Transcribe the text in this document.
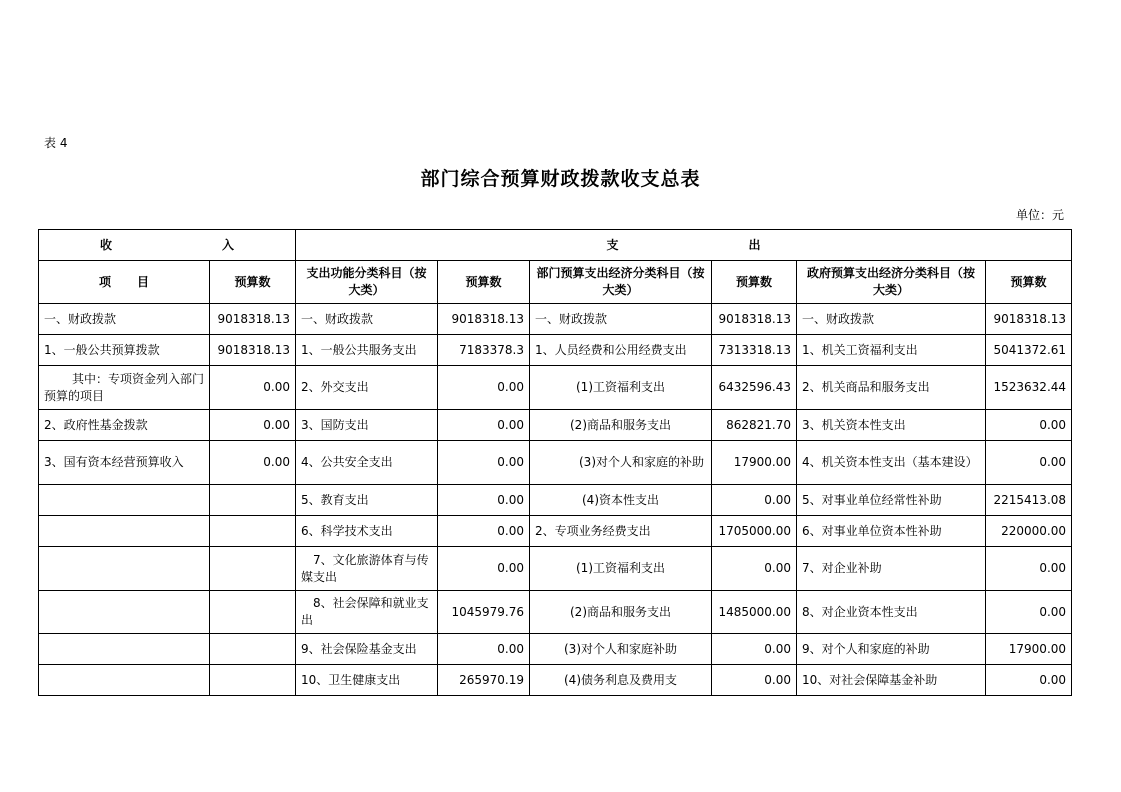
表 4
部门综合预算财政拨款收支总表
单位：元
收 入		支 出					
项 目	预算数	支出功能分类科目（按大类）	预算数	部门预算支出经济分类科目（按大类）	预算数	政府预算支出经济分类科目（按大类）	预算数
一、财政拨款	9018318.13	一、财政拨款	9018318.13	一、财政拨款	9018318.13	一、财政拨款	9018318.13
1、一般公共预算拨款	9018318.13	1、一般公共服务支出	7183378.3	1、人员经费和公用经费支出	7313318.13	1、机关工资福利支出	5041372.61
其中：专项资金列入部门预算的项目	0.00	2、外交支出	0.00	(1)工资福利支出	6432596.43	2、机关商品和服务支出	1523632.44
2、政府性基金拨款	0.00	3、国防支出	0.00	(2)商品和服务支出	862821.70	3、机关资本性支出	0.00
3、国有资本经营预算收入	0.00	4、公共安全支出	0.00	(3)对个人和家庭的补助	17900.00	4、机关资本性支出（基本建设）	0.00
		5、教育支出	0.00	(4)资本性支出	0.00	5、对事业单位经常性补助	2215413.08
		6、科学技术支出	0.00	2、专项业务经费支出	1705000.00	6、对事业单位资本性补助	220000.00
		7、文化旅游体育与传媒支出	0.00	(1)工资福利支出	0.00	7、对企业补助	0.00
		8、社会保障和就业支出	1045979.76	(2)商品和服务支出	1485000.00	8、对企业资本性支出	0.00
		9、社会保险基金支出	0.00	(3)对个人和家庭补助	0.00	9、对个人和家庭的补助	17900.00
		10、卫生健康支出	265970.19	(4)债务利息及费用支	0.00	10、对社会保障基金补助	0.00
